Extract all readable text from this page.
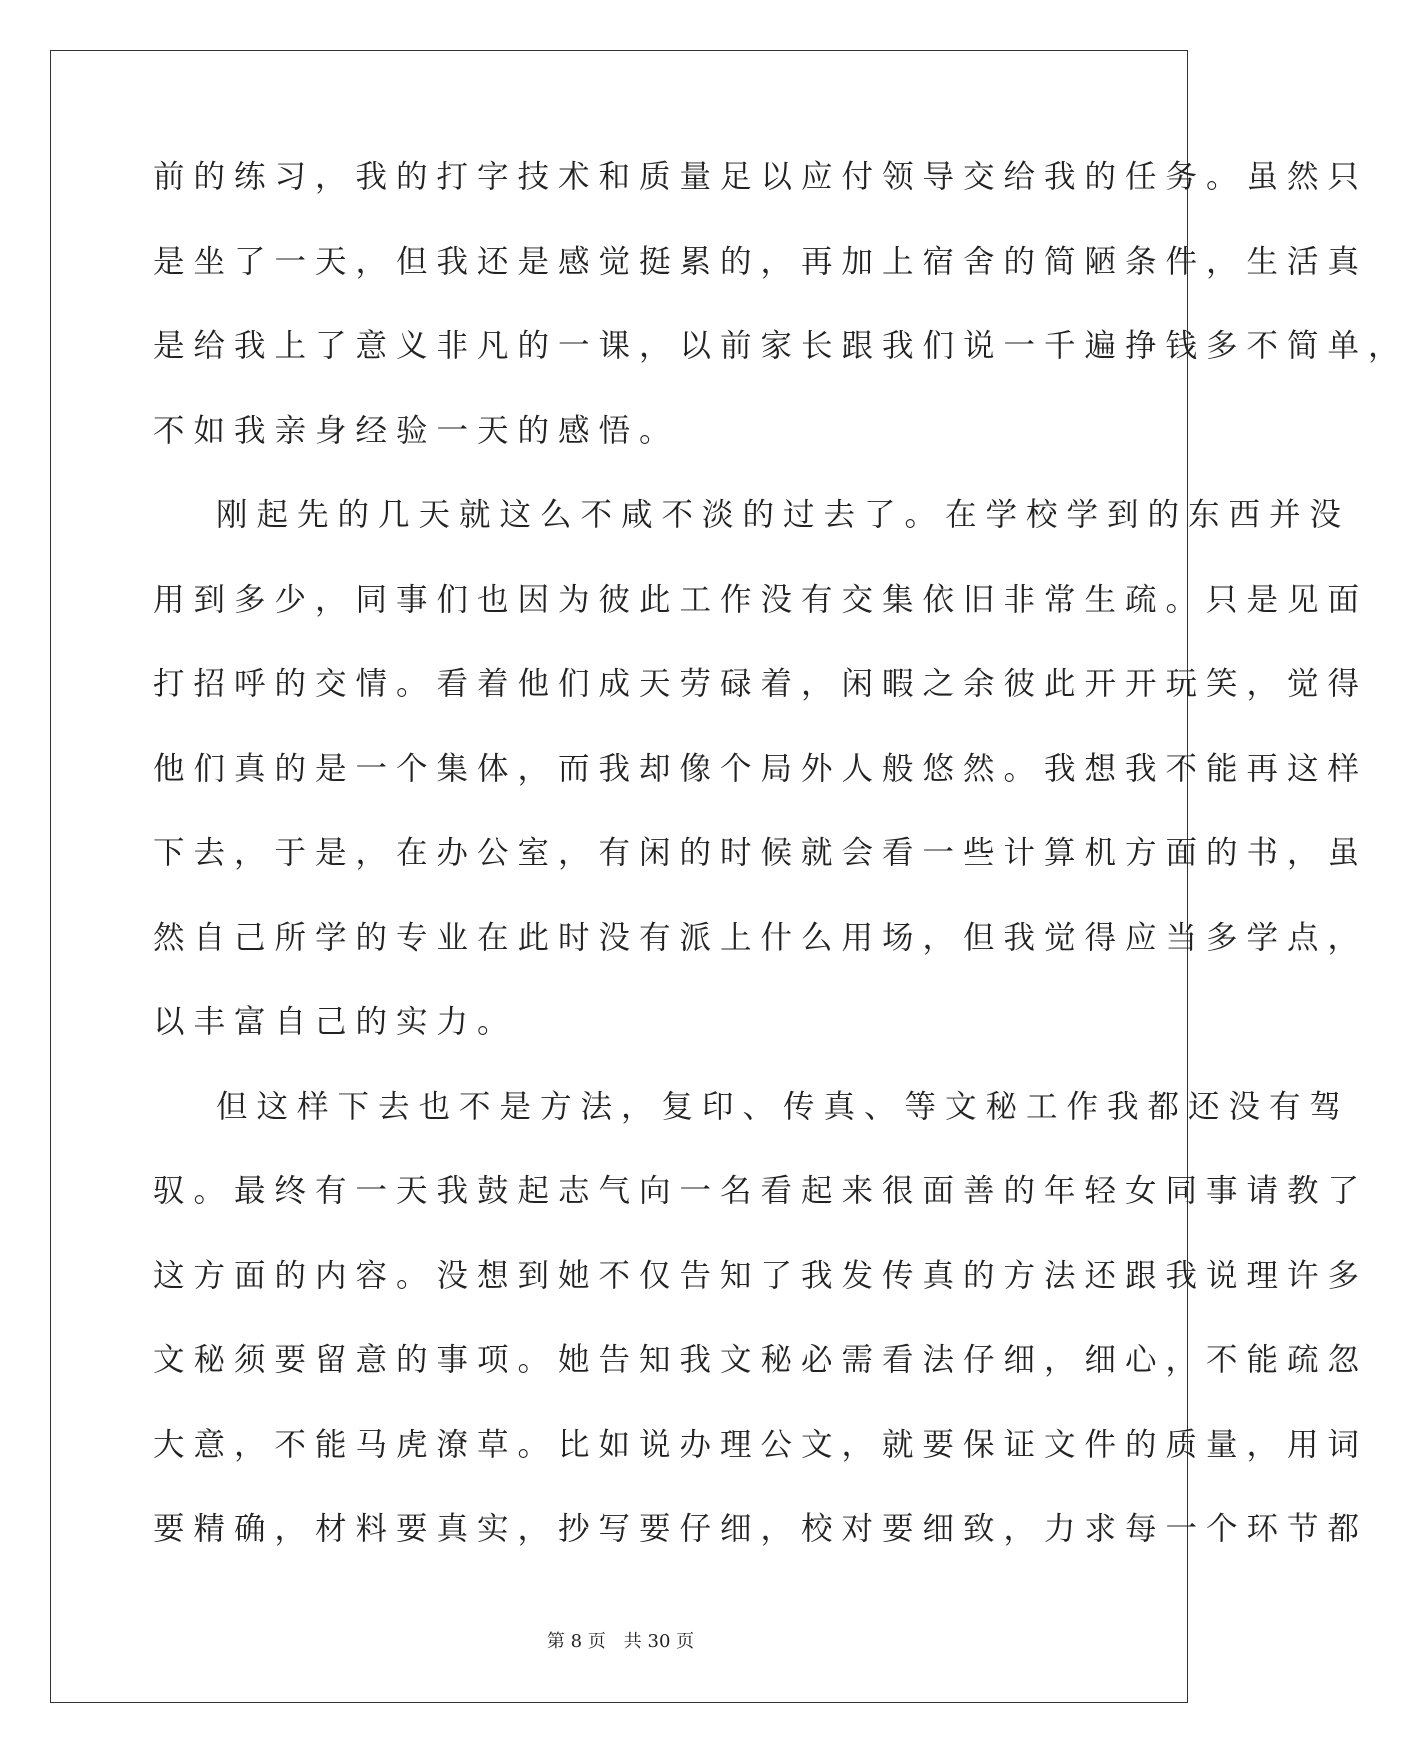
前的练习，我的打字技术和质量足以应付领导交给我的任务。虽然只
是坐了一天，但我还是感觉挺累的，再加上宿舍的简陋条件，生活真
是给我上了意义非凡的一课，以前家长跟我们说一千遍挣钱多不简单，
不如我亲身经验一天的感悟。
刚起先的几天就这么不咸不淡的过去了。在学校学到的东西并没
用到多少，同事们也因为彼此工作没有交集依旧非常生疏。只是见面
打招呼的交情。看着他们成天劳碌着，闲暇之余彼此开开玩笑，觉得
他们真的是一个集体，而我却像个局外人般悠然。我想我不能再这样
下去，于是，在办公室，有闲的时候就会看一些计算机方面的书，虽
然自己所学的专业在此时没有派上什么用场，但我觉得应当多学点，
以丰富自己的实力。
但这样下去也不是方法，复印、传真、等文秘工作我都还没有驾
驭。最终有一天我鼓起志气向一名看起来很面善的年轻女同事请教了
这方面的内容。没想到她不仅告知了我发传真的方法还跟我说理许多
文秘须要留意的事项。她告知我文秘必需看法仔细，细心，不能疏忽
大意，不能马虎潦草。比如说办理公文，就要保证文件的质量，用词
要精确，材料要真实，抄写要仔细，校对要细致，力求每一个环节都
第 8 页　共 30 页
